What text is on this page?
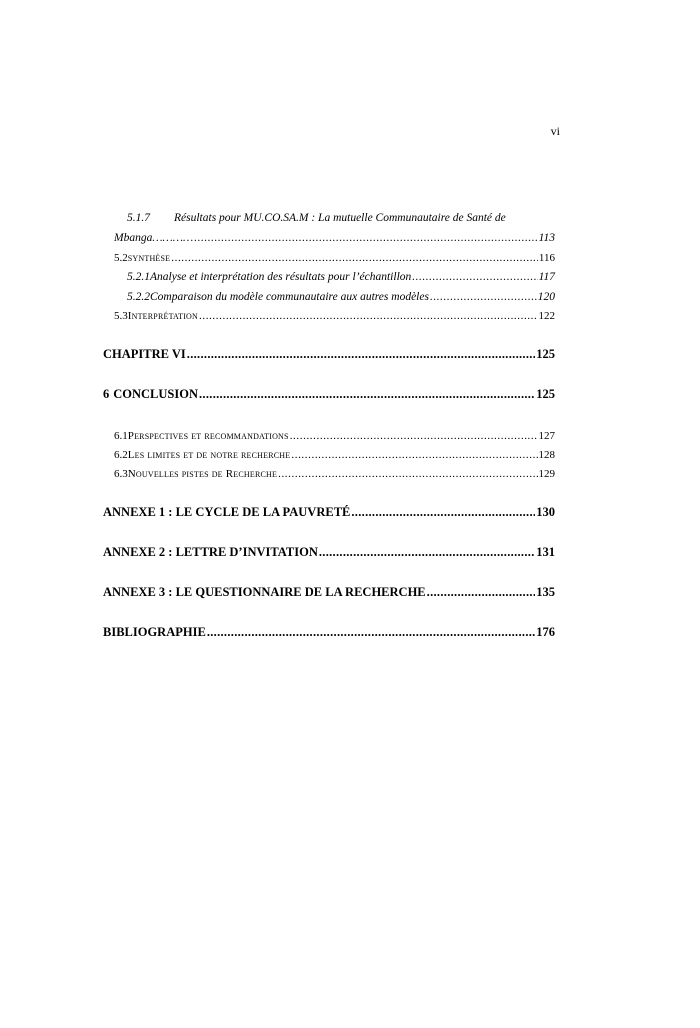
vi
5.1.7	Résultats pour MU.CO.SA.M : La mutuelle Communautaire de Santé de
Mbanga………… .....	113
5.2 synthèse .....	116
5.2.1 Analyse et interprétation des résultats pour l’échantillon .....	117
5.2.2 Comparaison du modèle communautaire aux autres modèles .....	120
5.3 Interprétation .....	122
CHAPITRE VI .....	125
6 CONCLUSION .....	125
6.1 Perspectives et recommandations .....	127
6.2 Les limites et de notre recherche .....	128
6.3 Nouvelles pistes de Recherche .....	129
ANNEXE 1 : LE CYCLE DE LA PAUVRETÉ .....	130
ANNEXE 2 : LETTRE D’INVITATION .....	131
ANNEXE 3 : LE QUESTIONNAIRE DE LA RECHERCHE .....	135
BIBLIOGRAPHIE .....	176
